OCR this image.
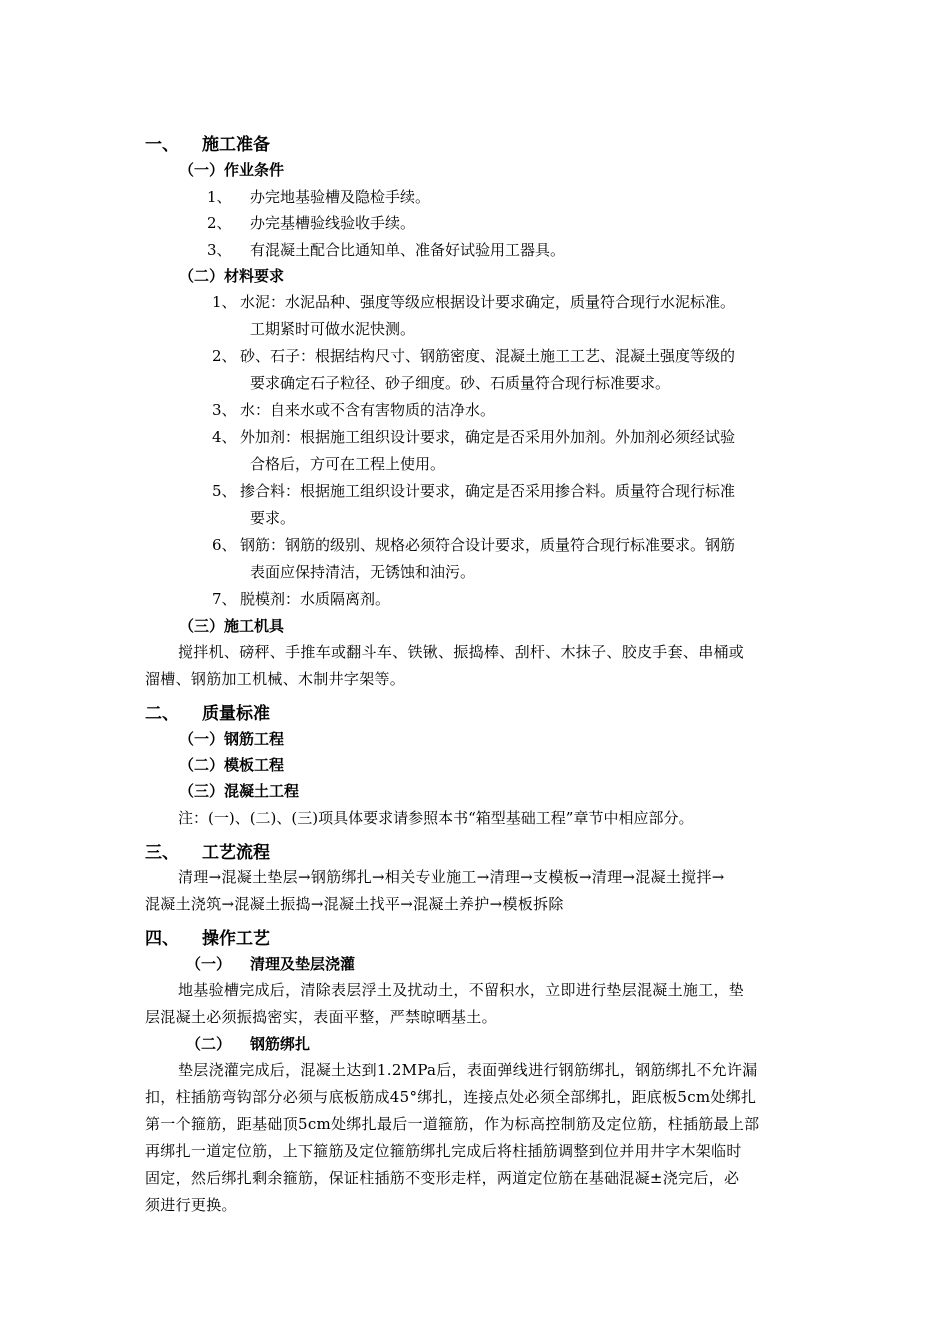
一、 施工准备
（一）作业条件
1、 办完地基验槽及隐检手续。
2、 办完基槽验线验收手续。
3、 有混凝土配合比通知单、准备好试验用工器具。
（二）材料要求
1、 水泥：水泥品种、强度等级应根据设计要求确定，质量符合现行水泥标准。
工期紧时可做水泥快测。
2、 砂、石子：根据结构尺寸、钢筋密度、混凝土施工工艺、混凝土强度等级的
要求确定石子粒径、砂子细度。砂、石质量符合现行标准要求。
3、 水：自来水或不含有害物质的洁净水。
4、 外加剂：根据施工组织设计要求，确定是否采用外加剂。外加剂必须经试验
合格后，方可在工程上使用。
5、 掺合料：根据施工组织设计要求，确定是否采用掺合料。质量符合现行标准
要求。
6、 钢筋：钢筋的级别、规格必须符合设计要求，质量符合现行标准要求。钢筋
表面应保持清洁，无锈蚀和油污。
7、 脱模剂：水质隔离剂。
（三）施工机具
搅拌机、磅秤、手推车或翻斗车、铁锹、振捣棒、刮杆、木抹子、胶皮手套、串桶或
溜槽、钢筋加工机械、木制井字架等。
二、 质量标准
（一）钢筋工程
（二）模板工程
（三）混凝土工程
注：(一)、(二)、(三)项具体要求请参照本书“箱型基础工程”章节中相应部分。
三、 工艺流程
清理→混凝土垫层→钢筋绑扎→相关专业施工→清理→支模板→清理→混凝土搅拌→
混凝土浇筑→混凝土振捣→混凝土找平→混凝土养护→模板拆除
四、 操作工艺
（一） 清理及垫层浇灌
地基验槽完成后，清除表层浮土及扰动土，不留积水，立即进行垫层混凝土施工，垫
层混凝土必须振捣密实，表面平整，严禁晾晒基土。
（二） 钢筋绑扎
垫层浇灌完成后，混凝土达到1.2MPa后，表面弹线进行钢筋绑扎，钢筋绑扎不允许漏
扣，柱插筋弯钩部分必须与底板筋成45°绑扎，连接点处必须全部绑扎，距底板5cm处绑扎
第一个箍筋，距基础顶5cm处绑扎最后一道箍筋，作为标高控制筋及定位筋，柱插筋最上部
再绑扎一道定位筋，上下箍筋及定位箍筋绑扎完成后将柱插筋调整到位并用井字木架临时
固定，然后绑扎剩余箍筋，保证柱插筋不变形走样，两道定位筋在基础混凝±浇完后，必
须进行更换。
